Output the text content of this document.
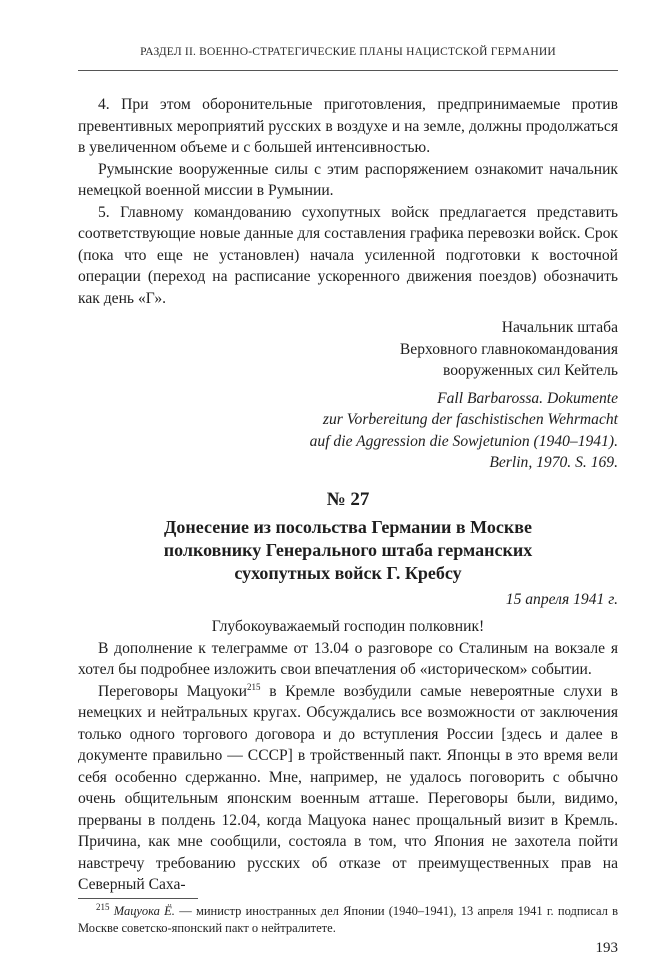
РАЗДЕЛ II. ВОЕННО-СТРАТЕГИЧЕСКИЕ ПЛАНЫ НАЦИСТСКОЙ ГЕРМАНИИ

4. При этом оборонительные приготовления, предпринимаемые против превентивных мероприятий русских в воздухе и на земле, должны продолжаться в увеличенном объеме и с большей интенсивностью.

Румынские вооруженные силы с этим распоряжением ознакомит начальник немецкой военной миссии в Румынии.

5. Главному командованию сухопутных войск предлагается представить соответствующие новые данные для составления графика перевозки войск. Срок (пока что еще не установлен) начала усиленной подготовки к восточной операции (переход на расписание ускоренного движения поездов) обозначить как день «Г».

Начальник штаба
Верховного главнокомандования
вооруженных сил Кейтель
Fall Barbarossa. Dokumente
zur Vorbereitung der faschistischen Wehrmacht
auf die Aggression die Sowjetunion (1940–1941).
Berlin, 1970. S. 169.
№ 27
Донесение из посольства Германии в Москве
полковнику Генерального штаба германских
сухопутных войск Г. Кребсу
15 апреля 1941 г.
Глубокоуважаемый господин полковник!

В дополнение к телеграмме от 13.04 о разговоре со Сталиным на вокзале я хотел бы подробнее изложить свои впечатления об «историческом» событии.

Переговоры Мацуоки$^{215}$ в Кремле возбудили самые невероятные слухи в немецких и нейтральных кругах. Обсуждались все возможности от заключения только одного торгового договора и до вступления России [здесь и далее в документе правильно — СССР] в тройственный пакт. Японцы в это время вели себя особенно сдержанно. Мне, например, не удалось поговорить с обычно очень общительным японским военным атташе. Переговоры были, видимо, прерваны в полдень 12.04, когда Мацуока нанес прощальный визит в Кремль. Причина, как мне сообщили, состояла в том, что Япония не захотела пойти навстречу требованию русских об отказе от преимущественных прав на Северный Саха-

$^{215}$ Мацуока Ё. — министр иностранных дел Японии (1940–1941), 13 апреля 1941 г. подписал в Москве советско-японский пакт о нейтралитете.
193
